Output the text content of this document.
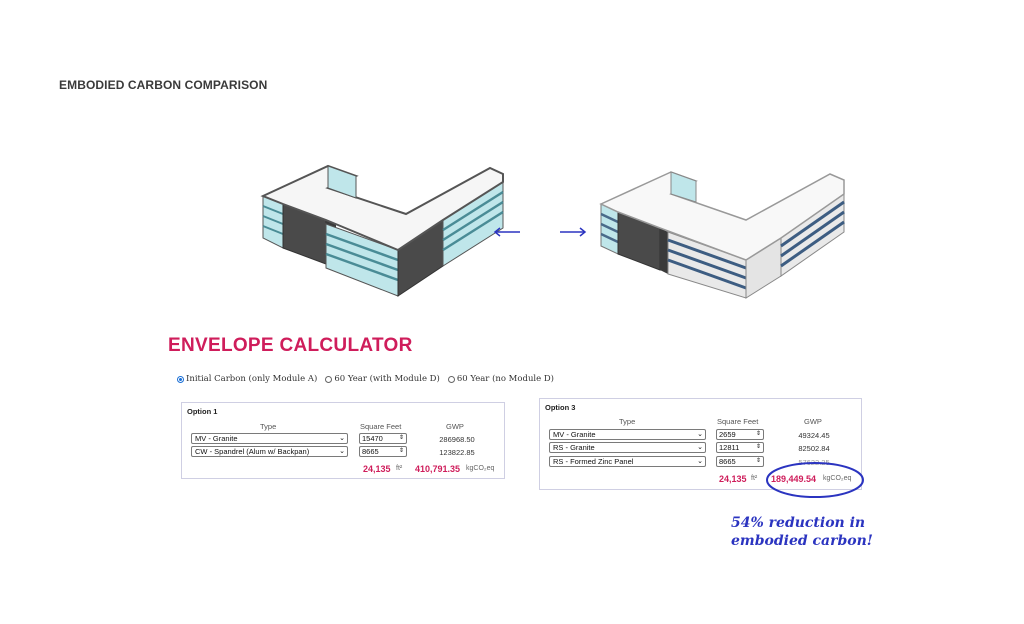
EMBODIED CARBON COMPARISON
ENVELOPE CALCULATOR
Initial Carbon (only Module A) 60 Year (with Module D) 60 Year (no Module D)
Option 1
Type	Square Feet	GWP
MV - Granite	⌄	15470	⇕	286968.50
CW - Spandrel (Alum w/ Backpan)	⌄	8665	⇕	123822.85
24,135 ft² 410,791.35 kgCO₂eq
Option 3
Type	Square Feet	GWP
MV - Granite	⌄	2659	⇕	49324.45
RS - Granite	⌄	12811	⇕	82502.84
RS - Formed Zinc Panel	⌄	8665	⇕	57622.25
24,135 ft² 189,449.54 kgCO₂eq
54% reduction in
embodied carbon!
